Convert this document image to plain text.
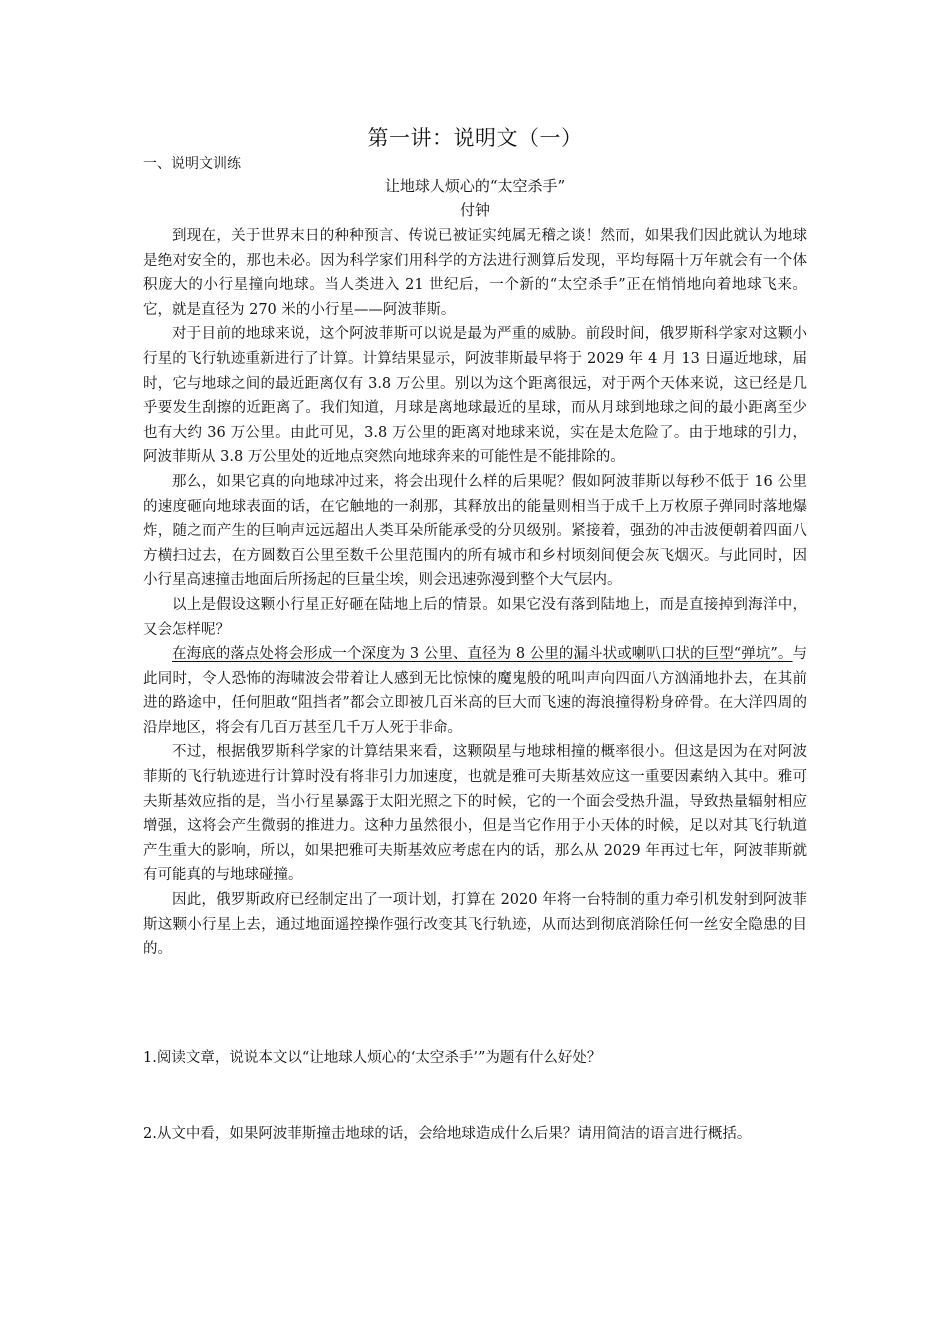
第一讲：说明文（一）
一、说明文训练
让地球人烦心的“太空杀手”
付钟

到现在，关于世界末日的种种预言、传说已被证实纯属无稽之谈！然而，如果我们因此就认为地球是绝对安全的，那也未必。因为科学家们用科学的方法进行测算后发现，平均每隔十万年就会有一个体积庞大的小行星撞向地球。当人类进入 21 世纪后，一个新的“太空杀手”正在悄悄地向着地球飞来。它，就是直径为 270 米的小行星——阿波菲斯。

对于目前的地球来说，这个阿波菲斯可以说是最为严重的威胁。前段时间，俄罗斯科学家对这颗小行星的飞行轨迹重新进行了计算。计算结果显示，阿波菲斯最早将于 2029 年 4 月 13 日逼近地球，届时，它与地球之间的最近距离仅有 3.8 万公里。别以为这个距离很远，对于两个天体来说，这已经是几乎要发生刮擦的近距离了。我们知道，月球是离地球最近的星球，而从月球到地球之间的最小距离至少也有大约 36 万公里。由此可见，3.8 万公里的距离对地球来说，实在是太危险了。由于地球的引力，阿波菲斯从 3.8 万公里处的近地点突然向地球奔来的可能性是不能排除的。

那么，如果它真的向地球冲过来，将会出现什么样的后果呢？假如阿波菲斯以每秒不低于 16 公里的速度砸向地球表面的话，在它触地的一刹那，其释放出的能量则相当于成千上万枚原子弹同时落地爆炸，随之而产生的巨响声远远超出人类耳朵所能承受的分贝级别。紧接着，强劲的冲击波便朝着四面八方横扫过去，在方圆数百公里至数千公里范围内的所有城市和乡村顷刻间便会灰飞烟灭。与此同时，因小行星高速撞击地面后所扬起的巨量尘埃，则会迅速弥漫到整个大气层内。

以上是假设这颗小行星正好砸在陆地上后的情景。如果它没有落到陆地上，而是直接掉到海洋中，又会怎样呢？

在海底的落点处将会形成一个深度为 3 公里、直径为 8 公里的漏斗状或喇叭口状的巨型“弹坑”。与此同时，令人恐怖的海啸波会带着让人感到无比惊悚的魔鬼般的吼叫声向四面八方汹涌地扑去，在其前进的路途中，任何胆敢“阻挡者”都会立即被几百米高的巨大而飞速的海浪撞得粉身碎骨。在大洋四周的沿岸地区，将会有几百万甚至几千万人死于非命。

不过，根据俄罗斯科学家的计算结果来看，这颗陨星与地球相撞的概率很小。但这是因为在对阿波菲斯的飞行轨迹进行计算时没有将非引力加速度，也就是雅可夫斯基效应这一重要因素纳入其中。雅可夫斯基效应指的是，当小行星暴露于太阳光照之下的时候，它的一个面会受热升温，导致热量辐射相应增强，这将会产生微弱的推进力。这种力虽然很小，但是当它作用于小天体的时候，足以对其飞行轨道产生重大的影响，所以，如果把雅可夫斯基效应考虑在内的话，那么从 2029 年再过七年，阿波菲斯就有可能真的与地球碰撞。

因此，俄罗斯政府已经制定出了一项计划，打算在 2020 年将一台特制的重力牵引机发射到阿波菲斯这颗小行星上去，通过地面遥控操作强行改变其飞行轨迹，从而达到彻底消除任何一丝安全隐患的目的。

1.阅读文章，说说本文以“让地球人烦心的‘太空杀手’”为题有什么好处？

2.从文中看，如果阿波菲斯撞击地球的话，会给地球造成什么后果？请用简洁的语言进行概括。
